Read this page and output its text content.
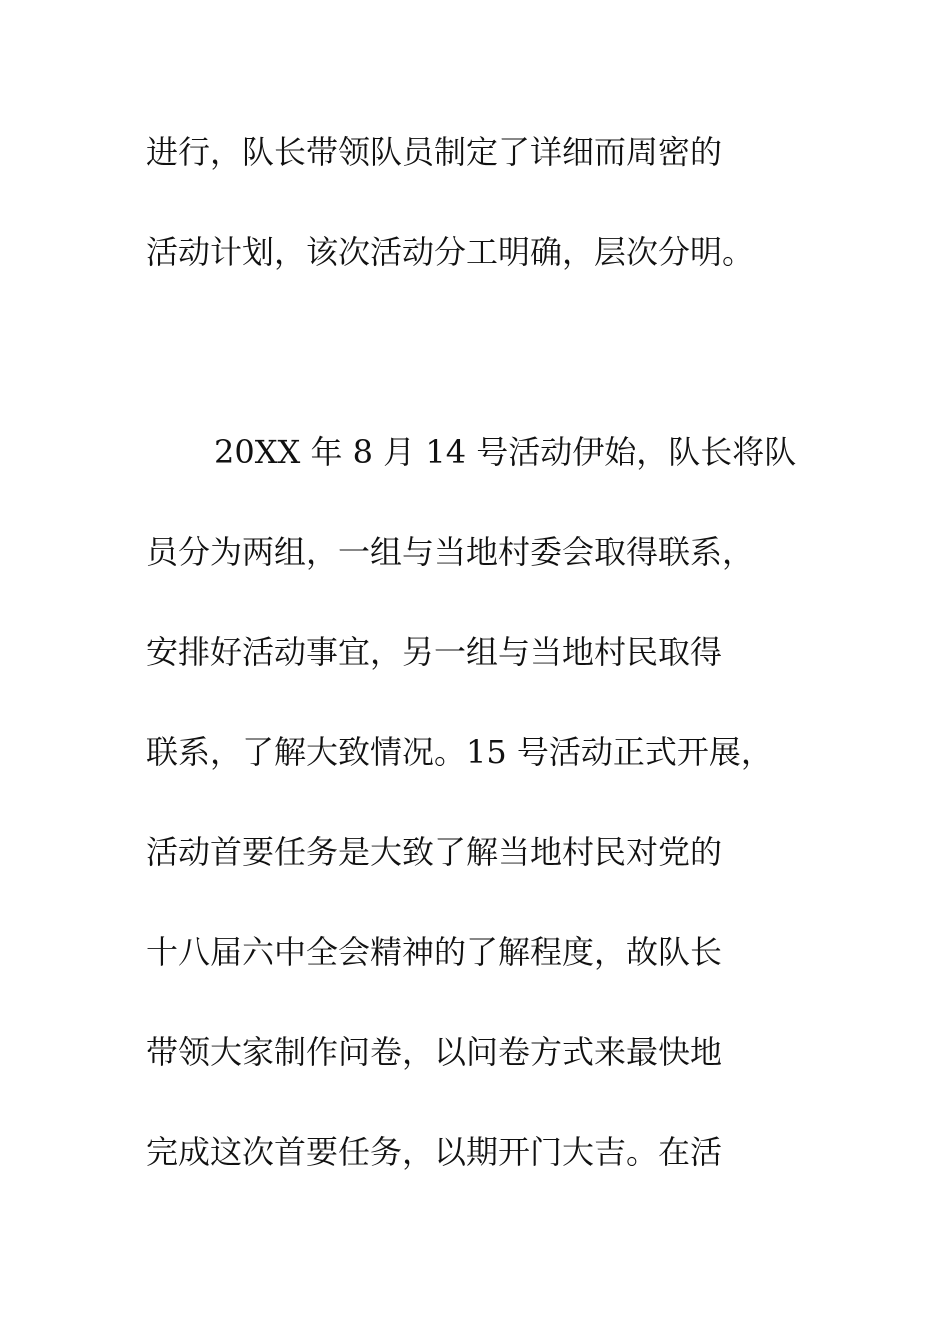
进行，队长带领队员制定了详细而周密的
活动计划，该次活动分工明确，层次分明。
20XX 年 8 月 14 号活动伊始，队长将队
员分为两组，一组与当地村委会取得联系，
安排好活动事宜，另一组与当地村民取得
联系，了解大致情况。15 号活动正式开展，
活动首要任务是大致了解当地村民对党的
十八届六中全会精神的了解程度，故队长
带领大家制作问卷，以问卷方式来最快地
完成这次首要任务，以期开门大吉。在活
